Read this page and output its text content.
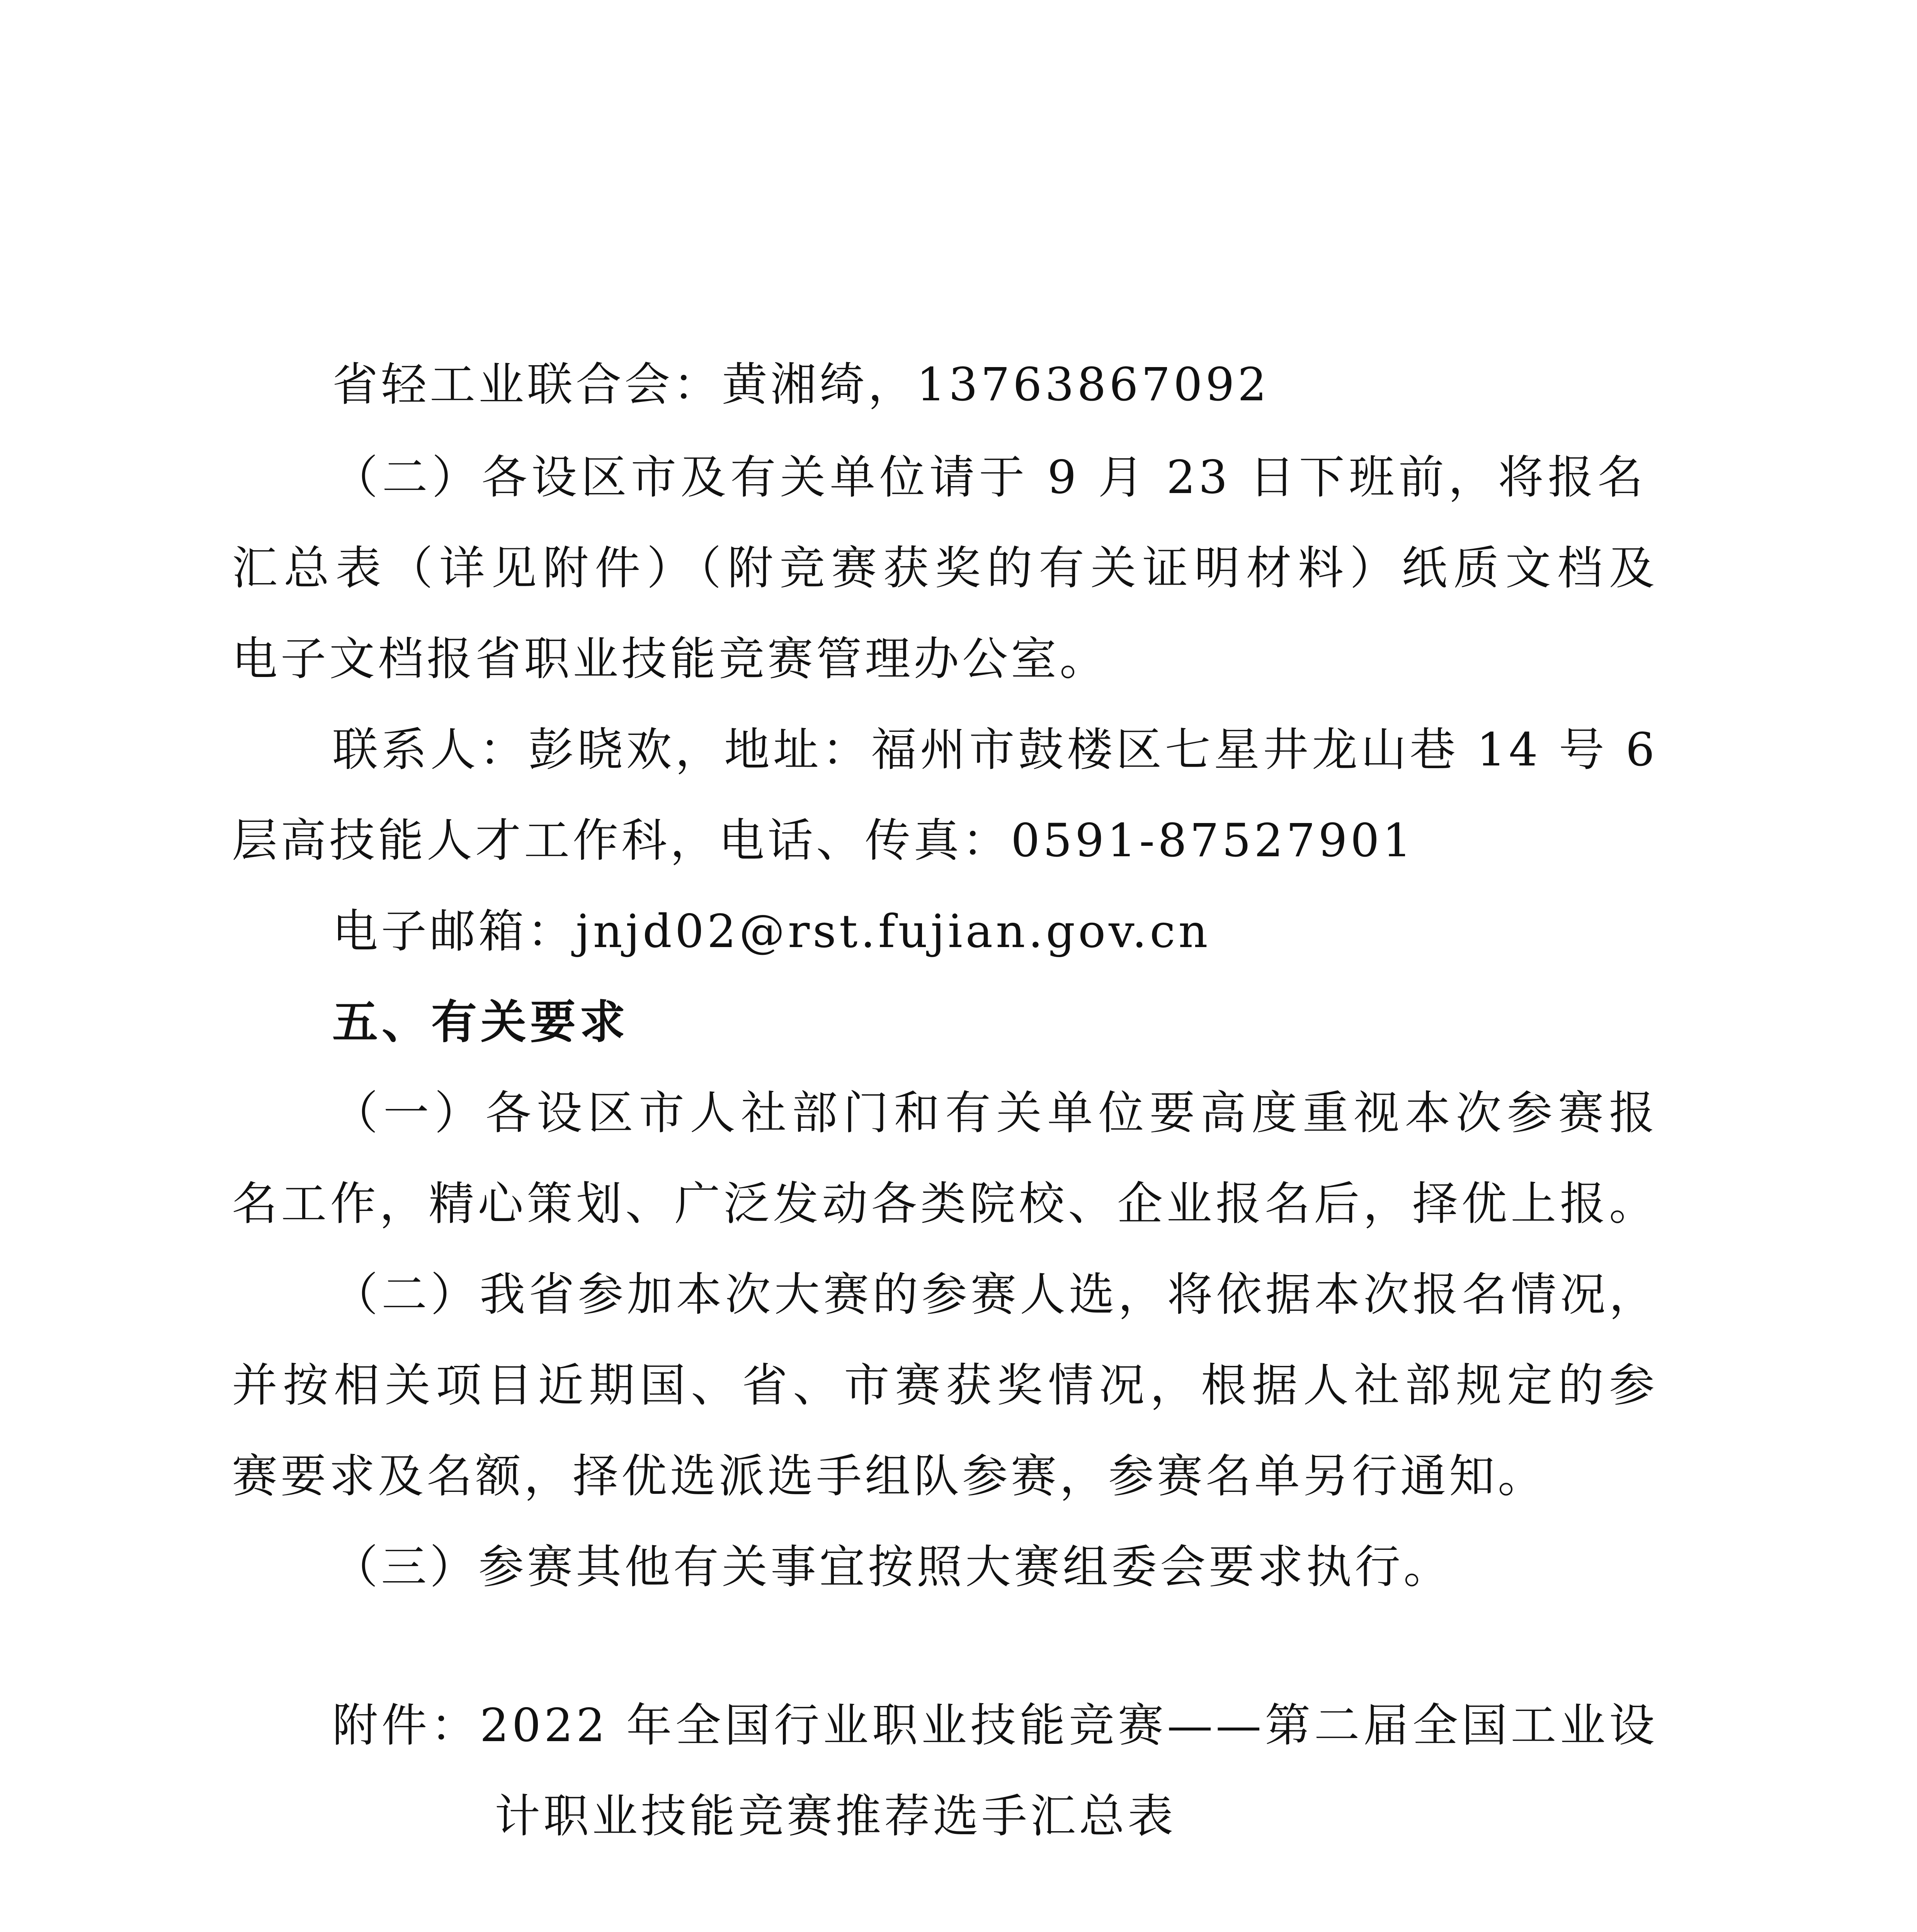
省轻工业联合会：黄湘绮，13763867092
（二）各设区市及有关单位请于 9 月 23 日下班前，将报名
汇总表（详见附件）（附竞赛获奖的有关证明材料）纸质文档及
电子文档报省职业技能竞赛管理办公室。
联系人：彭晓欢，地址：福州市鼓楼区七星井龙山巷 14 号 6
层高技能人才工作科，电话、传真：0591-87527901
电子邮箱：jnjd02@rst.fujian.gov.cn
五、有关要求
（一）各设区市人社部门和有关单位要高度重视本次参赛报
名工作，精心策划、广泛发动各类院校、企业报名后，择优上报。
（二）我省参加本次大赛的参赛人选，将依据本次报名情况，
并按相关项目近期国、省、市赛获奖情况，根据人社部规定的参
赛要求及名额，择优选派选手组队参赛，参赛名单另行通知。
（三）参赛其他有关事宜按照大赛组委会要求执行。
附件：2022 年全国行业职业技能竞赛——第二届全国工业设
计职业技能竞赛推荐选手汇总表
